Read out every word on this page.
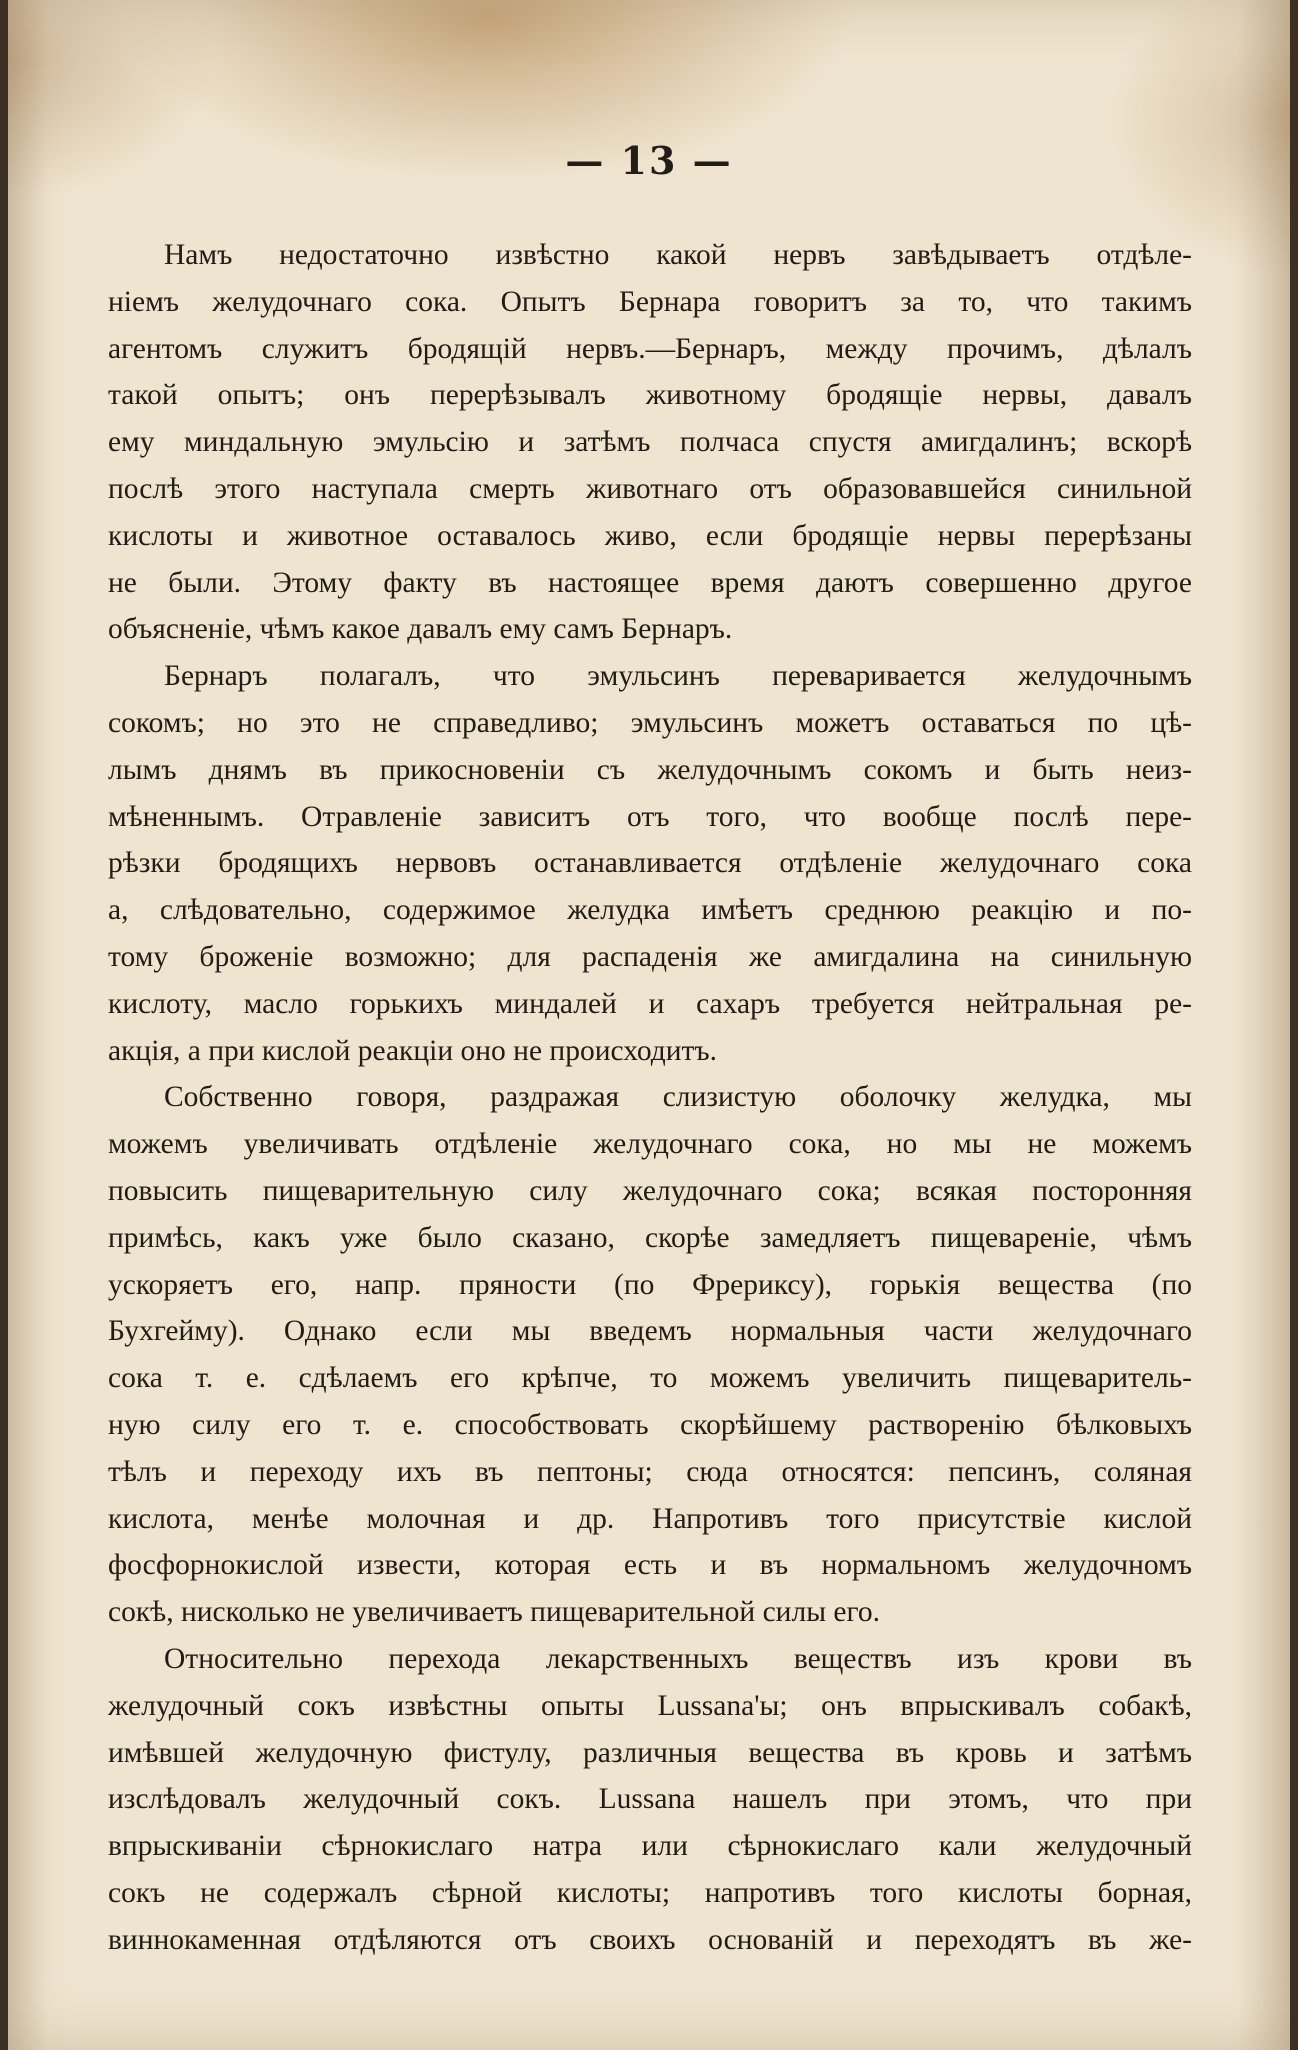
— 13 —
Намъ недостаточно извѣстно какой нервъ завѣдываетъ отдѣле-
ніемъ желудочнаго сока. Опытъ Бернара говоритъ за то, что такимъ
агентомъ служитъ бродящій нервъ.—Бернаръ, между прочимъ, дѣлалъ
такой опытъ; онъ перерѣзывалъ животному бродящіе нервы, давалъ
ему миндальную эмульсію и затѣмъ полчаса спустя амигдалинъ; вскорѣ
послѣ этого наступала смерть животнаго отъ образовавшейся синильной
кислоты и животное оставалось живо, если бродящіе нервы перерѣзаны
не были. Этому факту въ настоящее время даютъ совершенно другое
объясненіе, чѣмъ какое давалъ ему самъ Бернаръ.
Бернаръ полагалъ, что эмульсинъ переваривается желудочнымъ
сокомъ; но это не справедливо; эмульсинъ можетъ оставаться по цѣ-
лымъ днямъ въ прикосновеніи съ желудочнымъ сокомъ и быть неиз-
мѣненнымъ. Отравленіе зависитъ отъ того, что вообще послѣ пере-
рѣзки бродящихъ нервовъ останавливается отдѣленіе желудочнаго сока
а, слѣдовательно, содержимое желудка имѣетъ среднюю реакцію и по-
тому броженіе возможно; для распаденія же амигдалина на синильную
кислоту, масло горькихъ миндалей и сахаръ требуется нейтральная ре-
акція, а при кислой реакціи оно не происходитъ.
Собственно говоря, раздражая слизистую оболочку желудка, мы
можемъ увеличивать отдѣленіе желудочнаго сока, но мы не можемъ
повысить пищеварительную силу желудочнаго сока; всякая посторонняя
примѣсь, какъ уже было сказано, скорѣе замедляетъ пищевареніе, чѣмъ
ускоряетъ его, напр. пряности (по Фрериксу), горькія вещества (по
Бухгейму). Однако если мы введемъ нормальныя части желудочнаго
сока т. е. сдѣлаемъ его крѣпче, то можемъ увеличить пищеваритель-
ную силу его т. е. способствовать скорѣйшему растворенію бѣлковыхъ
тѣлъ и переходу ихъ въ пептоны; сюда относятся: пепсинъ, соляная
кислота, менѣе молочная и др. Напротивъ того присутствіе кислой
фосфорнокислой извести, которая есть и въ нормальномъ желудочномъ
сокѣ, нисколько не увеличиваетъ пищеварительной силы его.
Относительно перехода лекарственныхъ веществъ изъ крови въ
желудочный сокъ извѣстны опыты Lussana'ы; онъ впрыскивалъ собакѣ,
имѣвшей желудочную фистулу, различныя вещества въ кровь и затѣмъ
изслѣдовалъ желудочный сокъ. Lussana нашелъ при этомъ, что при
впрыскиваніи сѣрнокислаго натра или сѣрнокислаго кали желудочный
сокъ не содержалъ сѣрной кислоты; напротивъ того кислоты борная,
виннокаменная отдѣляются отъ своихъ основаній и переходятъ въ же-
